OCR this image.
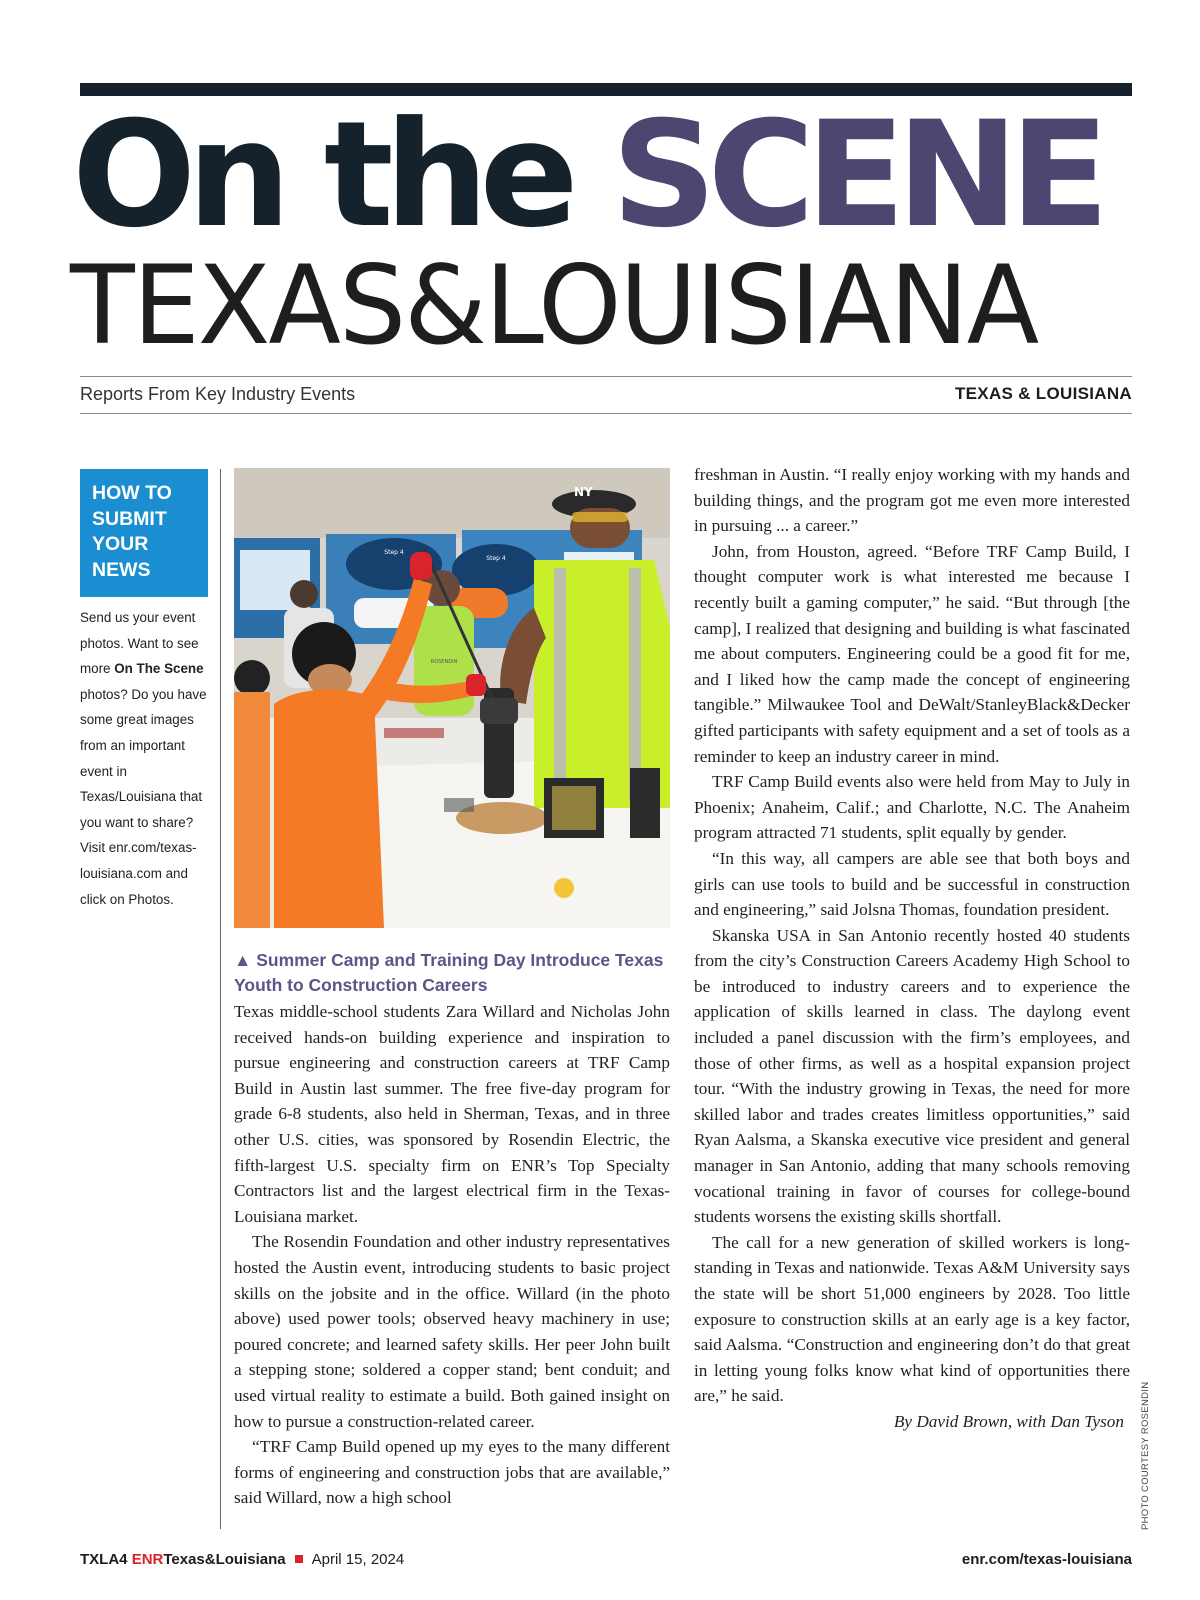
On the SCENE
TEXAS&LOUISIANA
Reports From Key Industry Events	TEXAS & LOUISIANA
HOW TO
SUBMIT
YOUR
NEWS
Send us your event photos. Want to see more On The Scene photos? Do you have some great images from an important event in Texas/Louisiana that you want to share? Visit enr.com/texas-louisiana.com and click on Photos.
Step 4
Step 4
ROSENDIN
NY
▲ Summer Camp and Training Day Introduce Texas Youth to Construction Careers

Texas middle-school students Zara Willard and Nicholas John received hands-on building experience and inspiration to pursue engineering and construction careers at TRF Camp Build in Austin last summer. The free five-day program for grade 6-8 students, also held in Sherman, Texas, and in three other U.S. cities, was sponsored by Rosendin Electric, the fifth-largest U.S. specialty firm on ENR’s Top Specialty Contractors list and the largest electrical firm in the Texas-Louisiana market.

The Rosendin Foundation and other industry representatives hosted the Austin event, introducing students to basic project skills on the jobsite and in the office. Willard (in the photo above) used power tools; observed heavy machinery in use; poured concrete; and learned safety skills. Her peer John built a stepping stone; soldered a copper stand; bent conduit; and used virtual reality to estimate a build. Both gained insight on how to pursue a construction-related career.

“TRF Camp Build opened up my eyes to the many different forms of engineering and construction jobs that are available,” said Willard, now a high school

freshman in Austin. “I really enjoy working with my hands and building things, and the program got me even more interested in pursuing ... a career.”

John, from Houston, agreed. “Before TRF Camp Build, I thought computer work is what interested me because I recently built a gaming computer,” he said. “But through [the camp], I realized that designing and building is what fascinated me about computers. Engineering could be a good fit for me, and I liked how the camp made the concept of engineering tangible.” Milwaukee Tool and DeWalt/StanleyBlack&Decker gifted participants with safety equipment and a set of tools as a reminder to keep an industry career in mind.

TRF Camp Build events also were held from May to July in Phoenix; Anaheim, Calif.; and Charlotte, N.C. The Anaheim program attracted 71 students, split equally by gender.

“In this way, all campers are able see that both boys and girls can use tools to build and be successful in construction and engineering,” said Jolsna Thomas, foundation president.

Skanska USA in San Antonio recently hosted 40 students from the city’s Construction Careers Academy High School to be introduced to industry careers and to experience the application of skills learned in class. The daylong event included a panel discussion with the firm’s employees, and those of other firms, as well as a hospital expansion project tour. “With the industry growing in Texas, the need for more skilled labor and trades creates limitless opportunities,” said Ryan Aalsma, a Skanska executive vice president and general manager in San Antonio, adding that many schools removing vocational training in favor of courses for college-bound students worsens the existing skills shortfall.

The call for a new generation of skilled workers is long-standing in Texas and nationwide. Texas A&M University says the state will be short 51,000 engineers by 2028. Too little exposure to construction skills at an early age is a key factor, said Aalsma. “Construction and engineering don’t do that great in letting young folks know what kind of opportunities there are,” he said.

By David Brown, with Dan Tyson	PHOTO COURTESY ROSENDIN
TXLA4 ENRTexas&Louisiana April 15, 2024	enr.com/texas-louisiana
